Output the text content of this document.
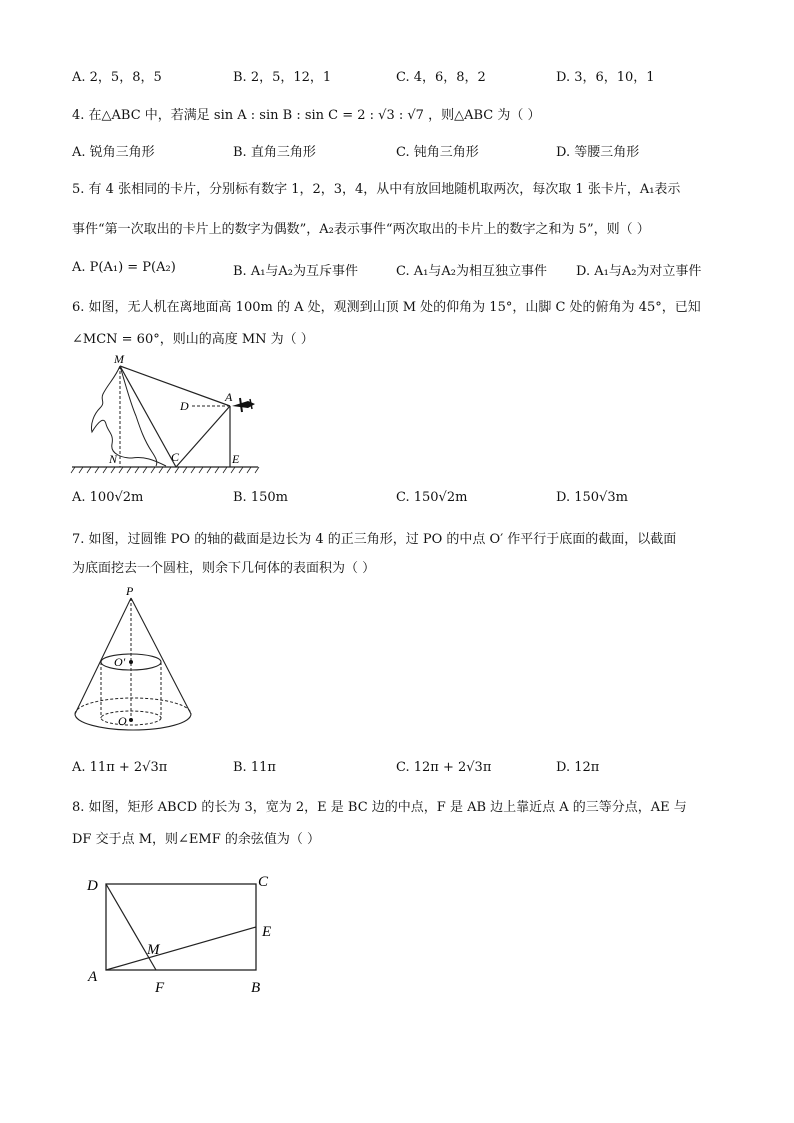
A. 2，5，8，5	B. 2，5，12，1	C. 4，6，8，2	D. 3，6，10，1
4. 在△ABC 中，若满足 sin A : sin B : sin C = 2 : √3 : √7 ，则△ABC 为（ ）
A. 锐角三角形	B. 直角三角形	C. 钝角三角形	D. 等腰三角形
5. 有 4 张相同的卡片，分别标有数字 1，2，3，4，从中有放回地随机取两次，每次取 1 张卡片，A₁表示
事件“第一次取出的卡片上的数字为偶数”，A₂表示事件“两次取出的卡片上的数字之和为 5”，则（ ）
A. P(A₁) = P(A₂)	B. A₁与A₂为互斥事件	C. A₁与A₂为相互独立事件 D. A₁与A₂为对立事件
6. 如图，无人机在离地面高 100m 的 A 处，观测到山顶 M 处的仰角为 15°，山脚 C 处的俯角为 45°，已知
∠MCN = 60°，则山的高度 MN 为（ ）
M
A
D
N	C	E
A. 100√2m	B. 150m	C. 150√2m	D. 150√3m
7. 如图，过圆锥 PO 的轴的截面是边长为 4 的正三角形，过 PO 的中点 O′ 作平行于底面的截面，以截面
为底面挖去一个圆柱，则余下几何体的表面积为（ ）
P
O′
O
A. 11π + 2√3π	B. 11π	C. 12π + 2√3π	D. 12π
8. 如图，矩形 ABCD 的长为 3，宽为 2，E 是 BC 边的中点，F 是 AB 边上靠近点 A 的三等分点，AE 与
DF 交于点 M，则∠EMF 的余弦值为（ ）
D	C
E
M
A
F	B
